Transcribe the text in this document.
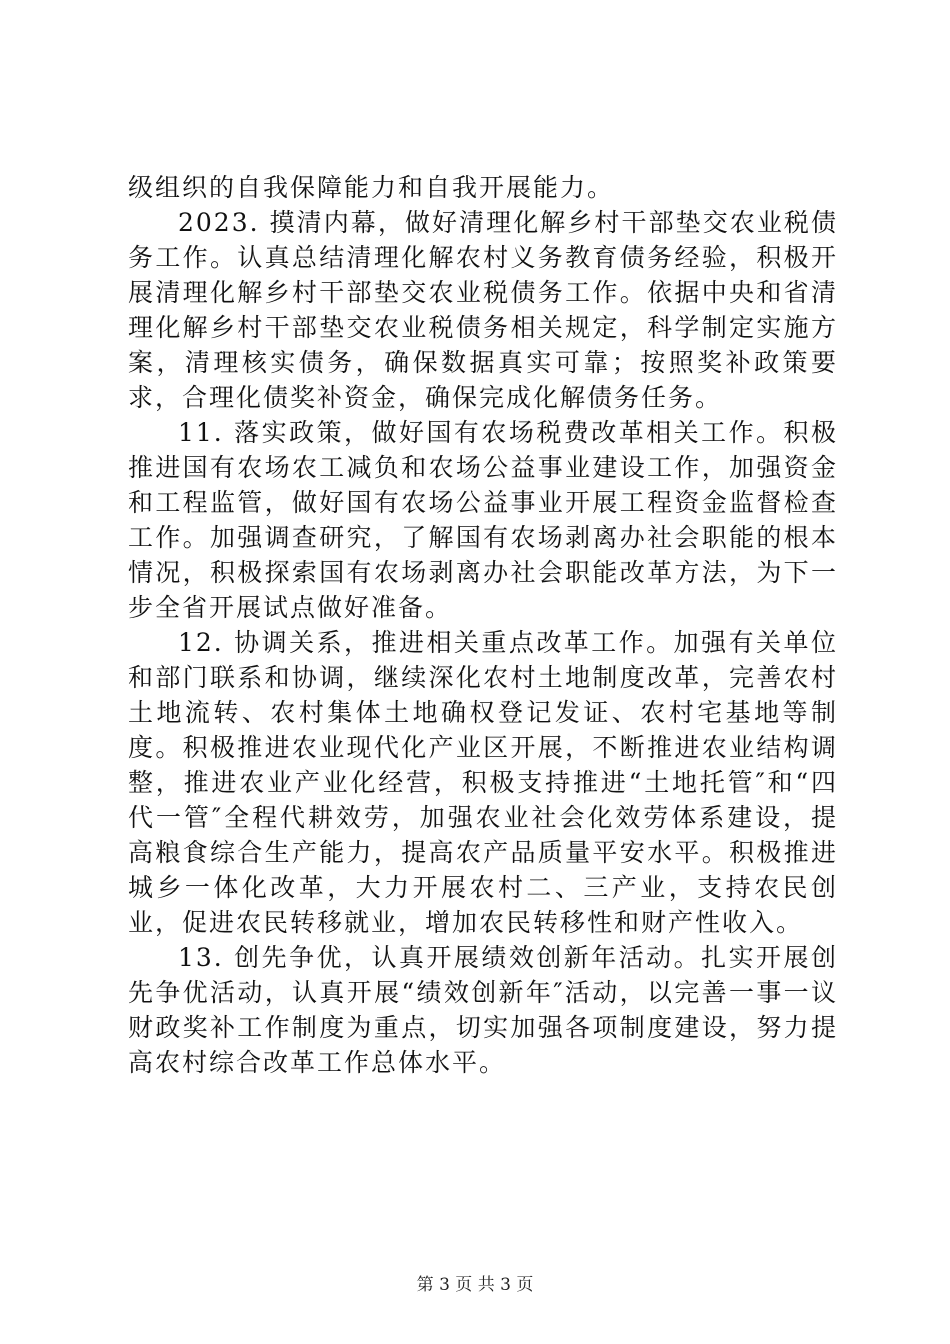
级组织的自我保障能力和自我开展能力。

2023. 摸清内幕，做好清理化解乡村干部垫交农业税债务工作。认真总结清理化解农村义务教育债务经验，积极开展清理化解乡村干部垫交农业税债务工作。依据中央和省清理化解乡村干部垫交农业税债务相关规定，科学制定实施方案，清理核实债务，确保数据真实可靠；按照奖补政策要求，合理化债奖补资金，确保完成化解债务任务。

11. 落实政策，做好国有农场税费改革相关工作。积极推进国有农场农工减负和农场公益事业建设工作，加强资金和工程监管，做好国有农场公益事业开展工程资金监督检查工作。加强调查研究，了解国有农场剥离办社会职能的根本情况，积极探索国有农场剥离办社会职能改革方法，为下一步全省开展试点做好准备。

12. 协调关系，推进相关重点改革工作。加强有关单位和部门联系和协调，继续深化农村土地制度改革，完善农村土地流转、农村集体土地确权登记发证、农村宅基地等制度。积极推进农业现代化产业区开展，不断推进农业结构调整，推进农业产业化经营，积极支持推进“土地托管″和“四代一管″全程代耕效劳，加强农业社会化效劳体系建设，提高粮食综合生产能力，提高农产品质量平安水平。积极推进城乡一体化改革，大力开展农村二、三产业，支持农民创业，促进农民转移就业，增加农民转移性和财产性收入。

13. 创先争优，认真开展绩效创新年活动。扎实开展创先争优活动，认真开展“绩效创新年″活动，以完善一事一议财政奖补工作制度为重点，切实加强各项制度建设，努力提高农村综合改革工作总体水平。

第 3 页 共 3 页
